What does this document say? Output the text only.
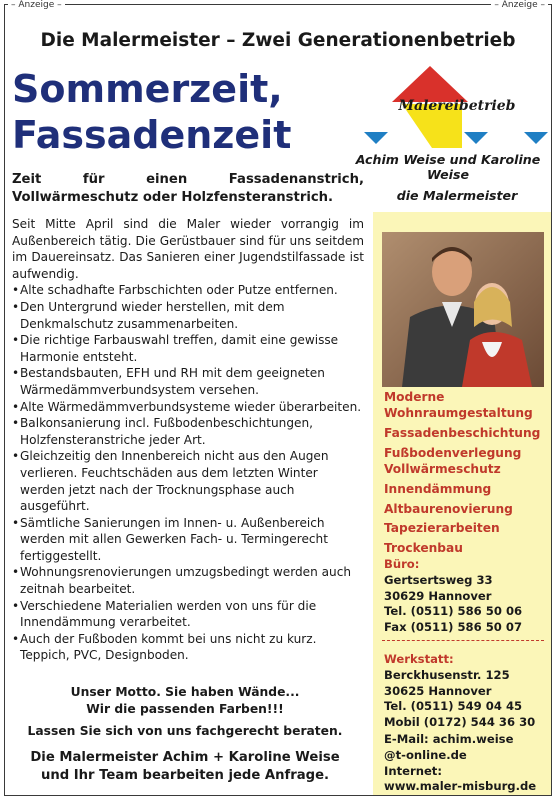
– Anzeige –	– Anzeige –
Die Malermeister – Zwei Generationenbetrieb
Sommerzeit,
Fassadenzeit
Malereibetrieb
Achim Weise und Karoline Weise
die Malermeister
Zeit für einen Fassadenanstrich, Vollwärmeschutz oder Holzfensteranstrich.

Seit Mitte April sind die Maler wieder vorrangig im Außenbereich tätig. Die Gerüstbauer sind für uns seitdem im Dauereinsatz. Das Sanieren einer Jugendstilfassade ist aufwendig.

• Alte schadhafte Farbschichten oder Putze entfernen.
• Den Untergrund wieder herstellen, mit dem Denkmalschutz zusammenarbeiten.
• Die richtige Farbauswahl treffen, damit eine gewisse Harmonie entsteht.
• Bestandsbauten, EFH und RH mit dem geeigneten Wärmedämmverbundsystem versehen.
• Alte Wärmedämmverbundsysteme wieder überarbeiten.
• Balkonsanierung incl. Fußbodenbeschichtungen, Holzfensteranstriche jeder Art.
• Gleichzeitig den Innenbereich nicht aus den Augen verlieren. Feuchtschäden aus dem letzten Winter werden jetzt nach der Trocknungsphase auch ausgeführt.
• Sämtliche Sanierungen im Innen- u. Außenbereich werden mit allen Gewerken Fach- u. Termingerecht fertiggestellt.
• Wohnungsrenovierungen umzugsbedingt werden auch zeitnah bearbeitet.
• Verschiedene Materialien werden von uns für die Innendämmung verarbeitet.
• Auch der Fußboden kommt bei uns nicht zu kurz. Teppich, PVC, Designboden.
Unser Motto. Sie haben Wände...
Wir die passenden Farben!!!
Lassen Sie sich von uns fachgerecht beraten.
Die Malermeister Achim + Karoline Weise
und Ihr Team bearbeiten jede Anfrage.
Moderne Wohnraumgestaltung
Fassadenbeschichtung
Fußbodenverlegung Vollwärmeschutz
Innendämmung
Altbaurenovierung
Tapezierarbeiten
Trockenbau
Büro:
Gertsertsweg 33
30629 Hannover
Tel. (0511) 586 50 06
Fax (0511) 586 50 07
Werkstatt:
Berckhusenstr. 125
30625 Hannover
Tel. (0511) 549 04 45
Mobil (0172) 544 36 30
E-Mail: achim.weise
@t-online.de
Internet:
www.maler-misburg.de
